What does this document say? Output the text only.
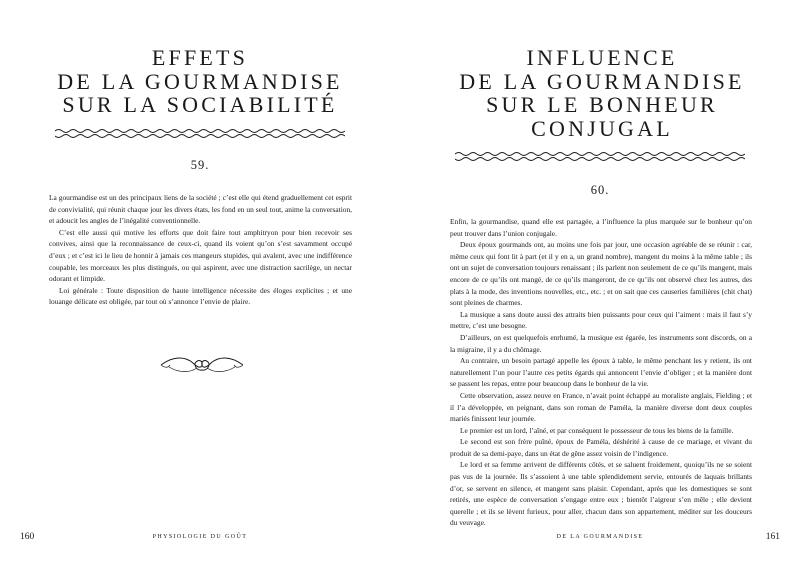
EFFETS
DE LA GOURMANDISE
SUR LA SOCIABILITÉ
59.

La gourmandise est un des principaux liens de la société ; c’est elle qui étend graduellement cet esprit de convivialité, qui réunit chaque jour les divers états, les fond en un seul tout, anime la conversation, et adoucit les angles de l’inégalité conventionnelle.

C’est elle aussi qui motive les efforts que doit faire tout amphitryon pour bien recevoir ses convives, ainsi que la reconnaissance de ceux-ci, quand ils voient qu’on s’est savamment occupé d’eux ; et c’est ici le lieu de honnir à jamais ces mangeurs stupides, qui avalent, avec une indifférence coupable, les morceaux les plus distingués, ou qui aspirent, avec une distraction sacrilège, un nectar odorant et limpide.

Loi générale : Toute disposition de haute intelligence nécessite des éloges explicites ; et une louange délicate est obligée, par tout où s’annonce l’envie de plaire.

160	PHYSIOLOGIE DU GOÛT
INFLUENCE
DE LA GOURMANDISE
SUR LE BONHEUR
CONJUGAL
60.

Enfin, la gourmandise, quand elle est partagée, a l’influence la plus marquée sur le bonheur qu’on peut trouver dans l’union conjugale.

Deux époux gourmands ont, au moins une fois par jour, une occasion agréable de se réunir : car, même ceux qui font lit à part (et il y en a, un grand nombre), mangent du moins à la même table ; ils ont un sujet de conversation toujours renaissant ; ils parlent non seulement de ce qu’ils mangent, mais encore de ce qu’ils ont mangé, de ce qu’ils mangeront, de ce qu’ils ont observé chez les autres, des plats à la mode, des inventions nouvelles, etc., etc. ; et on sait que ces causeries familières (chit chat) sont pleines de charmes.

La musique a sans doute aussi des attraits bien puissants pour ceux qui l’aiment : mais il faut s’y mettre, c’est une besogne.

D’ailleurs, on est quelquefois enrhumé, la musique est égarée, les instruments sont discords, on a la migraine, il y a du chômage.

Au contraire, un besoin partagé appelle les époux à table, le même penchant les y retient, ils ont naturellement l’un pour l’autre ces petits égards qui annoncent l’envie d’obliger ; et la manière dont se passent les repas, entre pour beaucoup dans le bonheur de la vie.

Cette observation, assez neuve en France, n’avait point échappé au moraliste anglais, Fielding ; et il l’a développée, en peignant, dans son roman de Paméla, la manière diverse dont deux couples mariés finissent leur journée.

Le premier est un lord, l’aîné, et par conséquent le possesseur de tous les biens de la famille.

Le second est son frère puîné, époux de Paméla, déshérité à cause de ce mariage, et vivant du produit de sa demi-paye, dans un état de gêne assez voisin de l’indigence.

Le lord et sa femme arrivent de différents côtés, et se saluent froidement, quoiqu’ils ne se soient pas vus de la journée. Ils s’assoient à une table splendidement servie, entourés de laquais brillants d’or, se servent en silence, et mangent sans plaisir. Cependant, après que les domestiques se sont retirés, une espèce de conversation s’engage entre eux ; bientôt l’aigreur s’en mêle ; elle devient querelle ; et ils se lèvent furieux, pour aller, chacun dans son appartement, méditer sur les douceurs du veuvage.

DE LA GOURMANDISE	161
